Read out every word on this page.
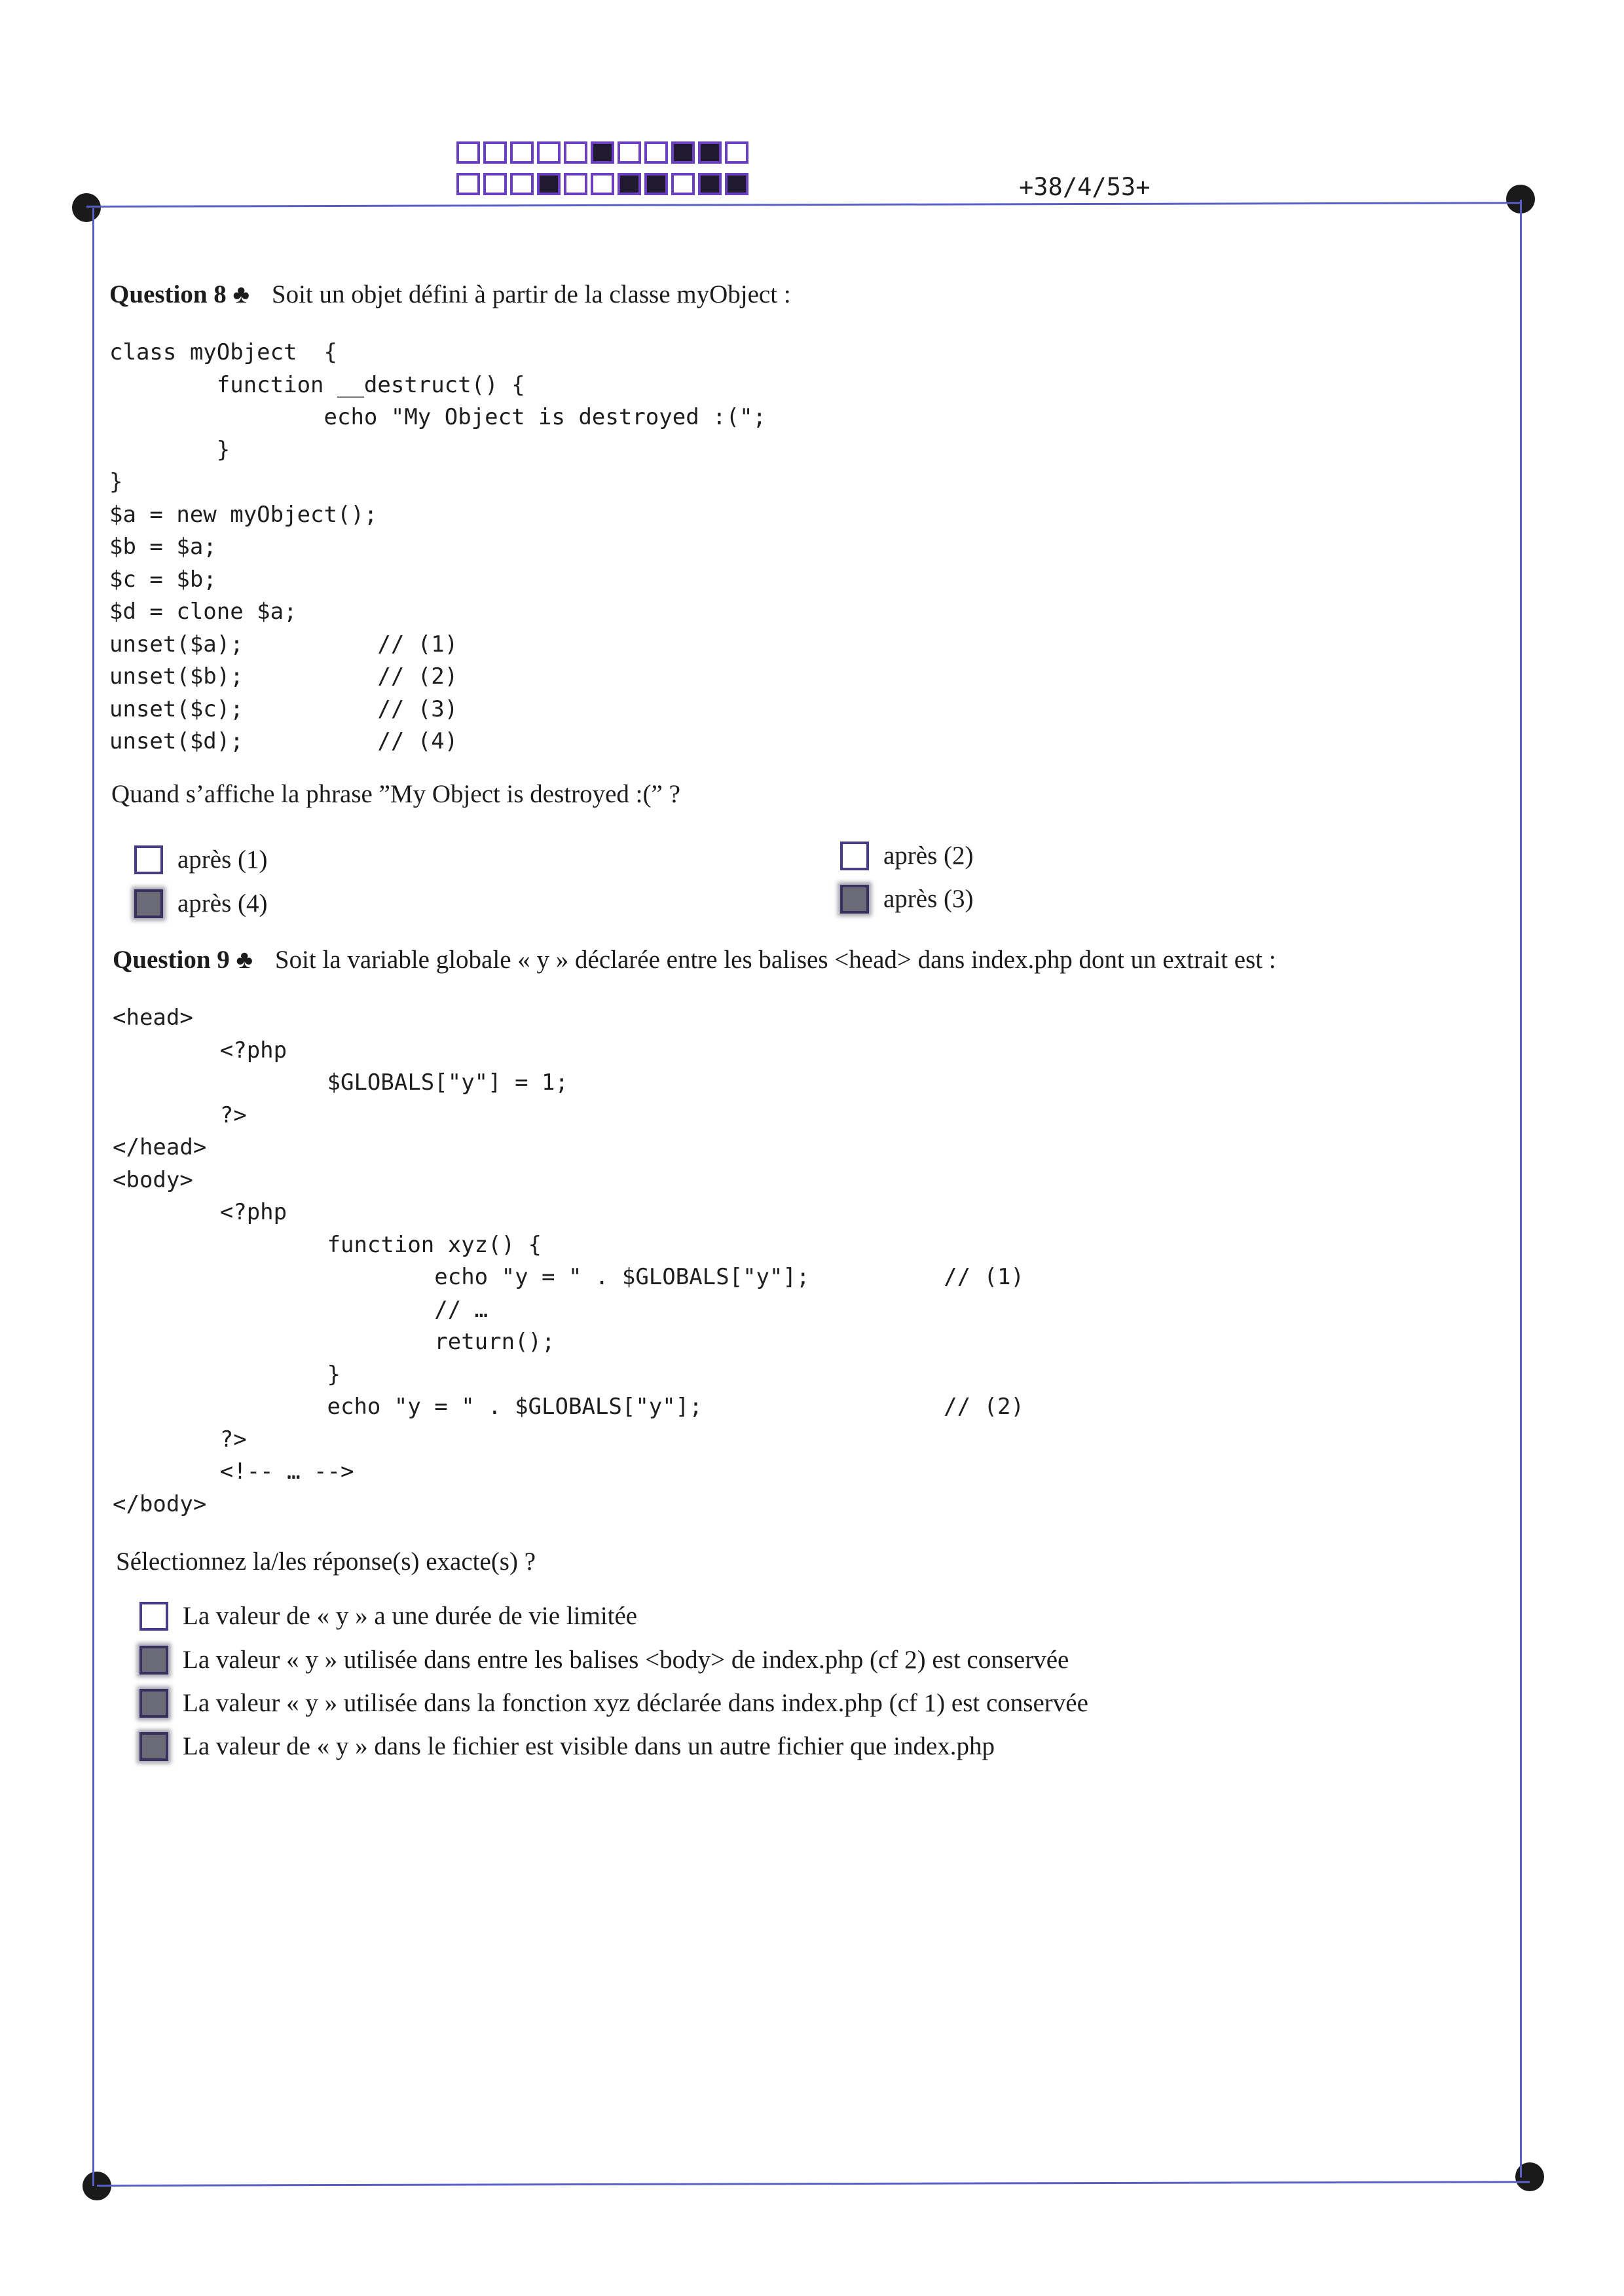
+38/4/53+
Question 8 ♣ Soit un objet défini à partir de la classe myObject :
class myObject  {
function __destruct() {
echo "My Object is destroyed :(";
}
}
$a = new myObject();
$b = $a;
$c = $b;
$d = clone $a;
unset($a);          // (1)
unset($b);          // (2)
unset($c);          // (3)
unset($d);          // (4)
Quand s’affiche la phrase ”My Object is destroyed :(” ?
après (1)	après (2)
après (4)	après (3)
Question 9 ♣ Soit la variable globale « y » déclarée entre les balises <head> dans index.php dont un extrait est :
<head>
<?php
$GLOBALS["y"] = 1;
?>
</head>
<body>
<?php
function xyz() {
echo "y = " . $GLOBALS["y"];          // (1)
// …
return();
}
echo "y = " . $GLOBALS["y"];                  // (2)
?>
<!-- … -->
</body>
Sélectionnez la/les réponse(s) exacte(s) ?
La valeur de « y » a une durée de vie limitée
La valeur « y » utilisée dans entre les balises <body> de index.php (cf 2) est conservée
La valeur « y » utilisée dans la fonction xyz déclarée dans index.php (cf 1) est conservée
La valeur de « y » dans le fichier est visible dans un autre fichier que index.php
